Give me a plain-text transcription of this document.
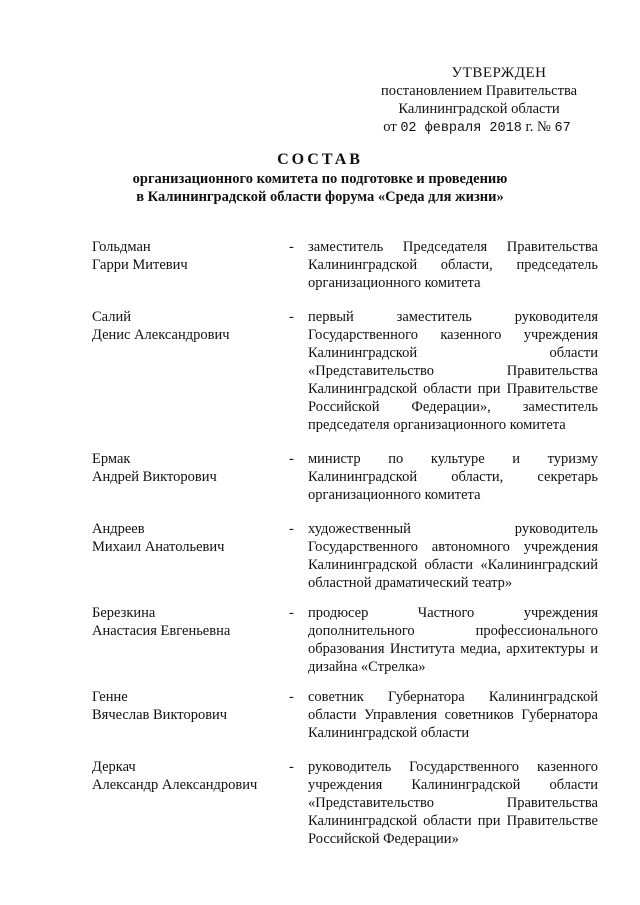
УТВЕРЖДЕН
постановлением Правительства
Калининградской области
от 02 февраля 2018 г. № 67
СОСТАВ
организационного комитета по подготовке и проведению
в Калининградской области форума «Среда для жизни»
Гольдман
Гарри Митевич
- заместитель Председателя Правительства Калининградской области, председатель организационного комитета
Салий
Денис Александрович
- первый заместитель руководителя Государственного казенного учреждения Калининградской области «Представительство Правительства Калининградской области при Правительстве Российской Федерации», заместитель председателя организационного комитета
Ермак
Андрей Викторович
- министр по культуре и туризму Калининградской области, секретарь организационного комитета
Андреев
Михаил Анатольевич
- художественный руководитель Государственного автономного учреждения Калининградской области «Калининградский областной драматический театр»
Березкина
Анастасия Евгеньевна
- продюсер Частного учреждения дополнительного профессионального образования Института медиа, архитектуры и дизайна «Стрелка»
Генне
Вячеслав Викторович
- советник Губернатора Калининградской области Управления советников Губернатора Калининградской области
Деркач
Александр Александрович
- руководитель Государственного казенного учреждения Калининградской области «Представительство Правительства Калининградской области при Правительстве Российской Федерации»
